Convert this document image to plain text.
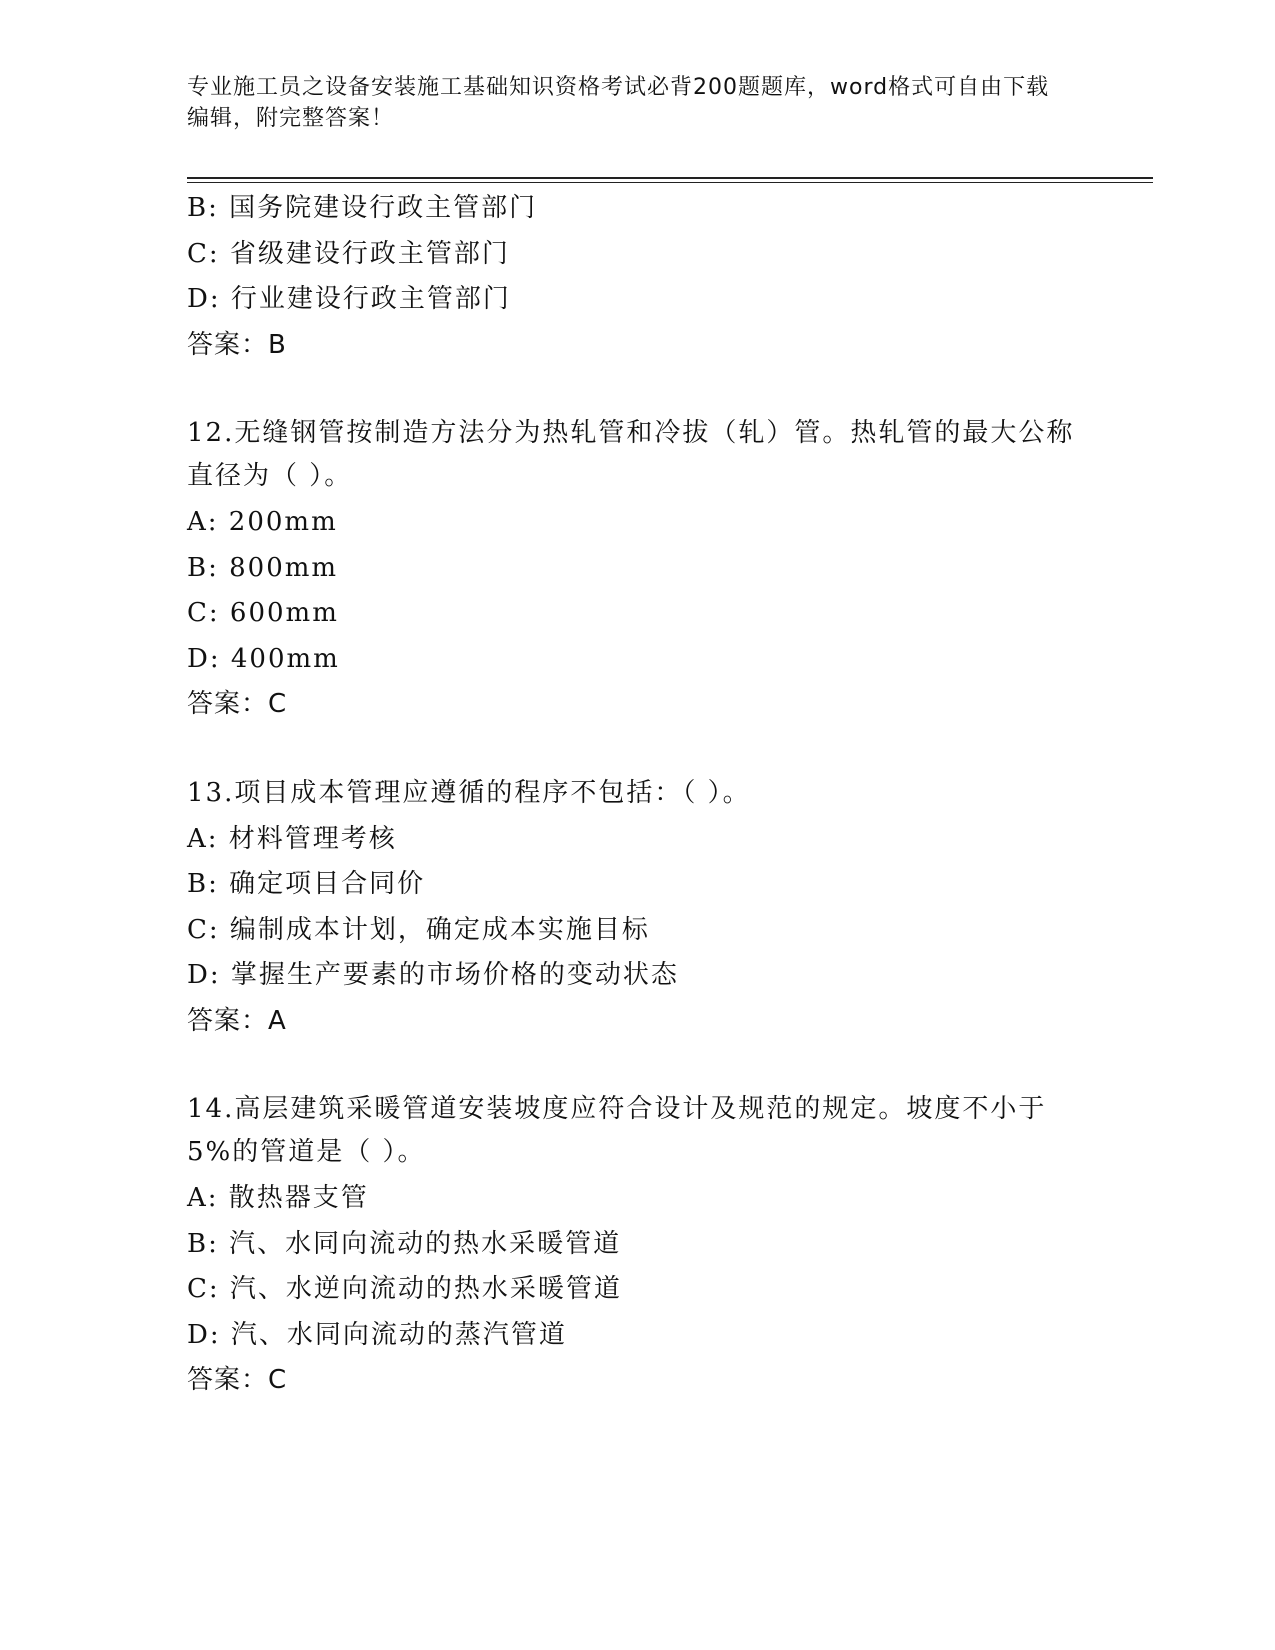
专业施工员之设备安装施工基础知识资格考试必背200题题库，word格式可自由下载编辑，附完整答案！
B: 国务院建设行政主管部门
C: 省级建设行政主管部门
D: 行业建设行政主管部门
答案：B
12.无缝钢管按制造方法分为热轧管和冷拔（轧）管。热轧管的最大公称直径为（ ）。
A: 200mm
B: 800mm
C: 600mm
D: 400mm
答案：C
13.项目成本管理应遵循的程序不包括：（ ）。
A: 材料管理考核
B: 确定项目合同价
C: 编制成本计划，确定成本实施目标
D: 掌握生产要素的市场价格的变动状态
答案：A
14.高层建筑采暖管道安装坡度应符合设计及规范的规定。坡度不小于5%的管道是（ ）。
A: 散热器支管
B: 汽、水同向流动的热水采暖管道
C: 汽、水逆向流动的热水采暖管道
D: 汽、水同向流动的蒸汽管道
答案：C
